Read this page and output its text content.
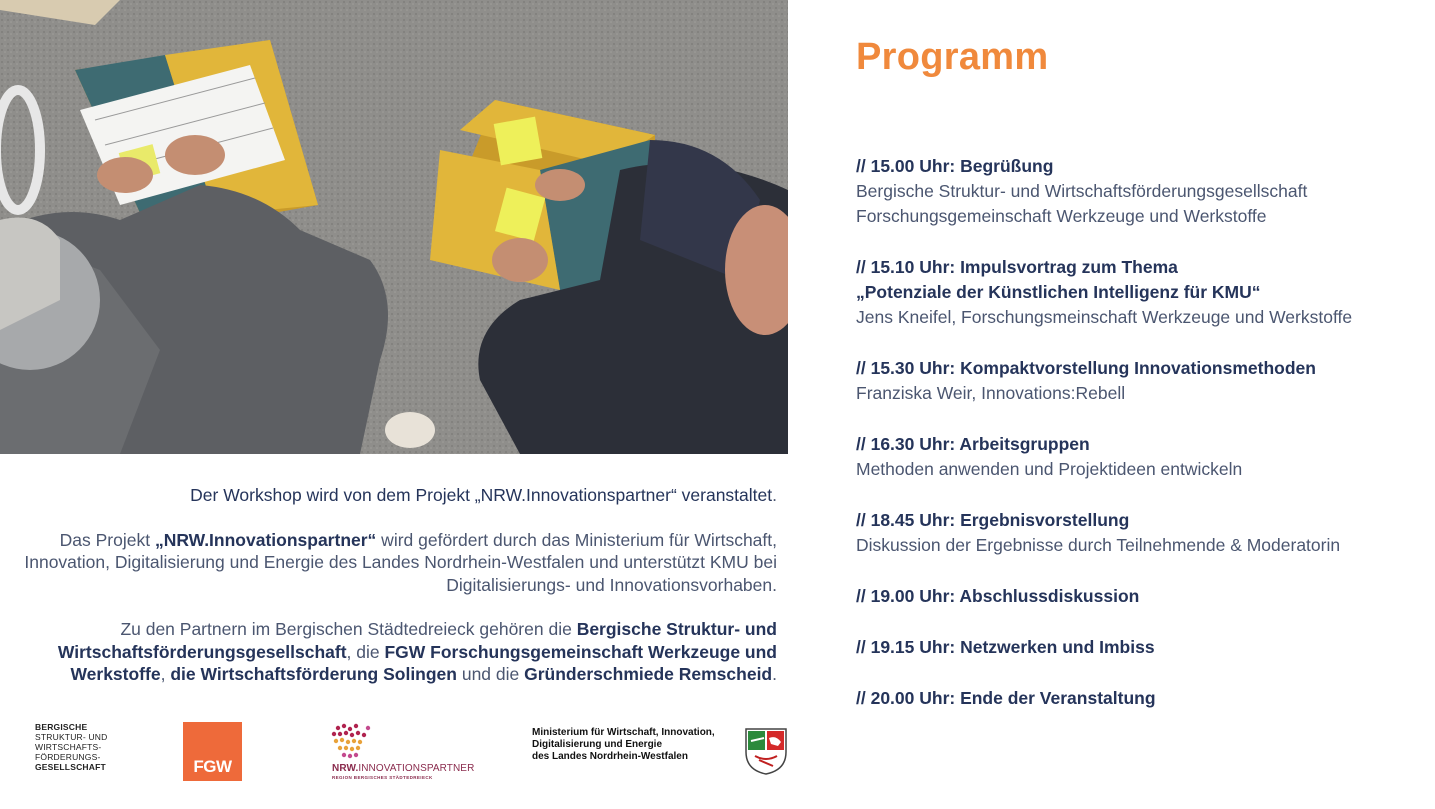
Der Workshop wird von dem Projekt „NRW.Innovationspartner“ veranstaltet.

Das Projekt „NRW.Innovationspartner“ wird gefördert durch das Ministerium für Wirtschaft, Innovation, Digitalisierung und Energie des Landes Nordrhein-Westfalen und unterstützt KMU bei Digitalisierungs- und Innovationsvorhaben.

Zu den Partnern im Bergischen Städtedreieck gehören die Bergische Struktur- und Wirtschaftsförderungsgesellschaft, die FGW Forschungsgemeinschaft Werkzeuge und Werkstoffe, die Wirtschaftsförderung Solingen und die Gründerschmiede Remscheid.

BERGISCHE
STRUKTUR- UND
WIRTSCHAFTS-
FÖRDERUNGS-
GESELLSCHAFT	FGW	NRW.INNOVATIONSPARTNER
REGION BERGISCHES STÄDTEDREIECK
Ministerium für Wirtschaft, Innovation,
Digitalisierung und Energie
des Landes Nordrhein-Westfalen
Programm
// 15.00 Uhr: Begrüßung
Bergische Struktur- und Wirtschaftsförderungsgesellschaft
Forschungsgemeinschaft Werkzeuge und Werkstoffe
// 15.10 Uhr: Impulsvortrag zum Thema
„Potenziale der Künstlichen Intelligenz für KMU“
Jens Kneifel, Forschungsmeinschaft Werkzeuge und Werkstoffe
// 15.30 Uhr: Kompaktvorstellung Innovationsmethoden
Franziska Weir, Innovations:Rebell
// 16.30 Uhr: Arbeitsgruppen
Methoden anwenden und Projektideen entwickeln
// 18.45 Uhr: Ergebnisvorstellung
Diskussion der Ergebnisse durch Teilnehmende & Moderatorin
// 19.00 Uhr: Abschlussdiskussion
// 19.15 Uhr: Netzwerken und Imbiss
// 20.00 Uhr: Ende der Veranstaltung
